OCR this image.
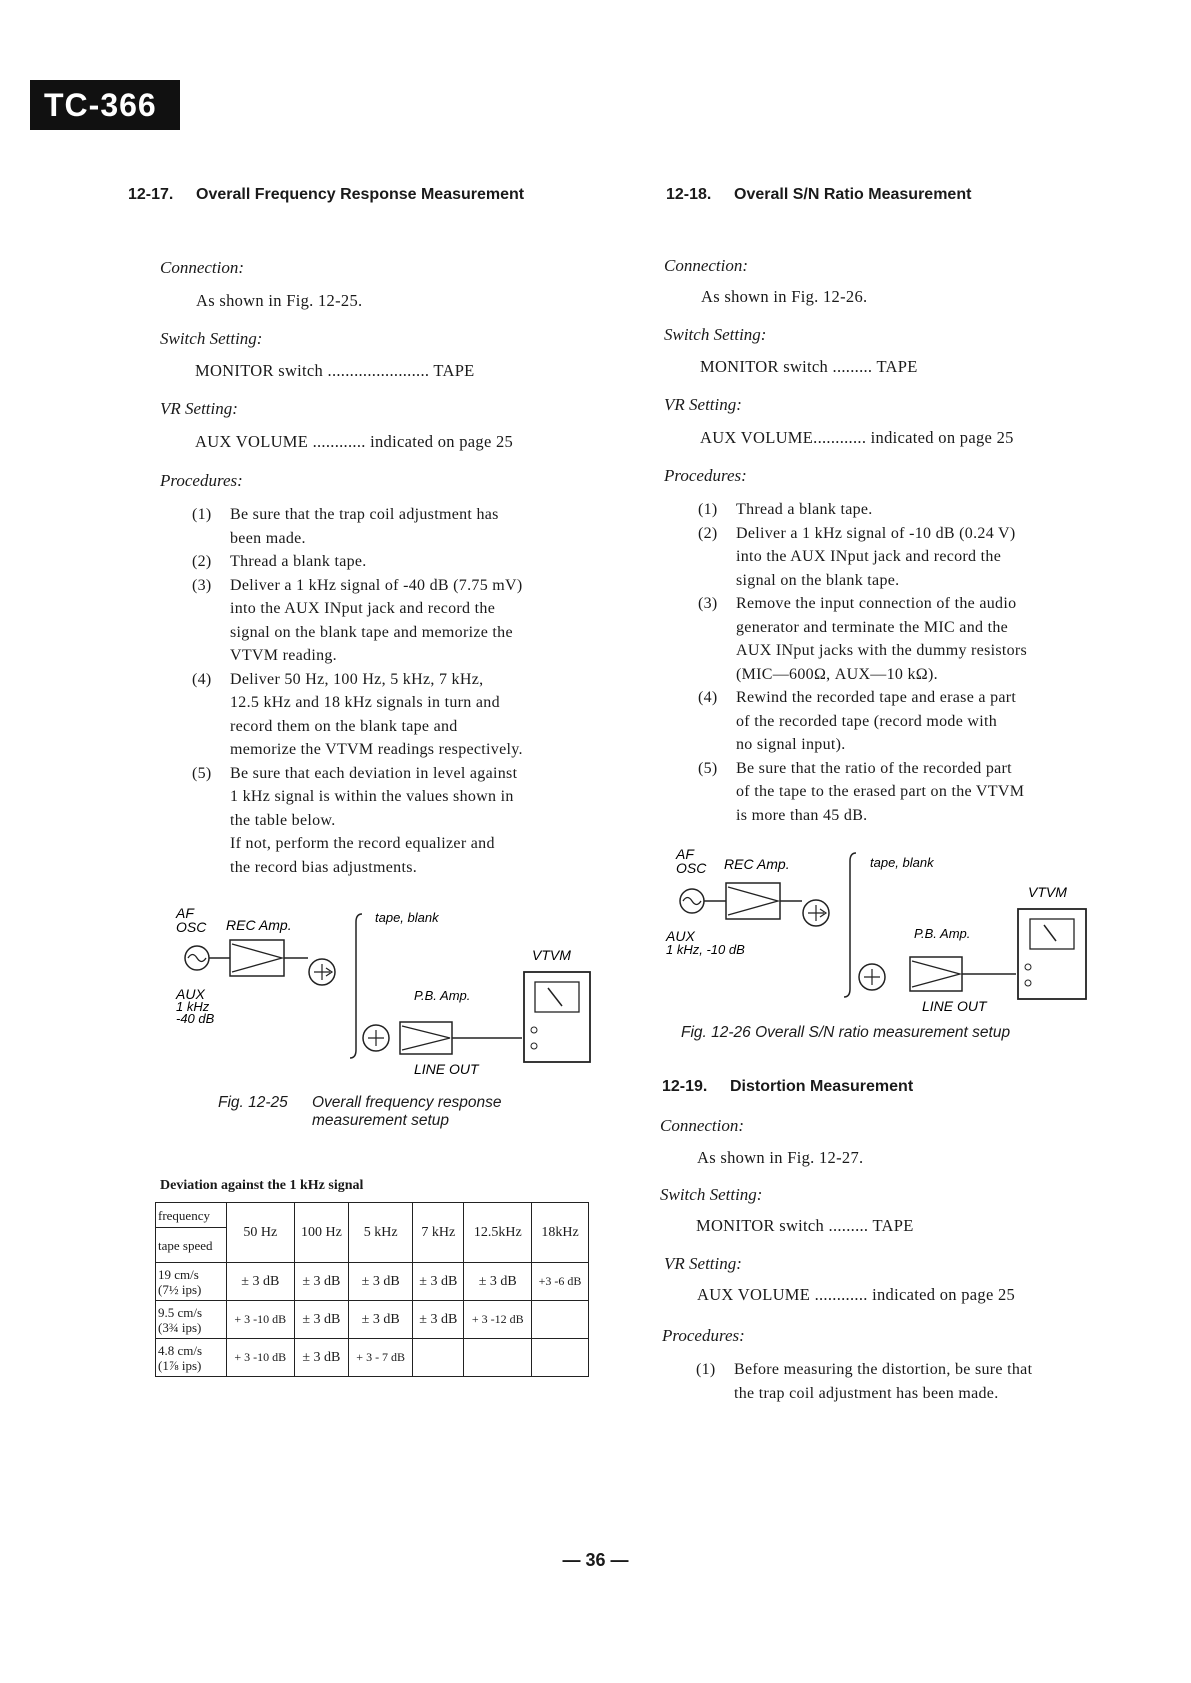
TC-366
12-17. Overall Frequency Response Measurement
Connection:
As shown in Fig. 12-25.
Switch Setting:
MONITOR switch ....................... TAPE
VR Setting:
AUX VOLUME ............ indicated on page 25
Procedures:
(1) Be sure that the trap coil adjustment has
been made.
(2) Thread a blank tape.
(3) Deliver a 1 kHz signal of -40 dB (7.75 mV)
into the AUX INput jack and record the
signal on the blank tape and memorize the
VTVM reading.
(4) Deliver 50 Hz, 100 Hz, 5 kHz, 7 kHz,
12.5 kHz and 18 kHz signals in turn and
record them on the blank tape and
memorize the VTVM readings respectively.
(5) Be sure that each deviation in level against
1 kHz signal is within the values shown in
the table below.
If not, perform the record equalizer and
the record bias adjustments.
AF
OSC REC Amp.	tape, blank
VTVM
AUX
1 kHz
-40 dB
P.B. Amp.
LINE OUT
Fig. 12-25 Overall frequency response
measurement setup
Deviation against the 1 kHz signal
frequency	50 Hz	100 Hz	5 kHz	7 kHz	12.5kHz	18kHz
tape speed						
19 cm/s
(7½ ips)	± 3 dB	± 3 dB	± 3 dB	± 3 dB	± 3 dB	+3 -6 dB
9.5 cm/s
(3¾ ips)	+ 3 -10 dB	± 3 dB	± 3 dB	± 3 dB	+ 3 -12 dB	
4.8 cm/s
(1⅞ ips)	+ 3 -10 dB	± 3 dB	+ 3 - 7 dB			
12-18. Overall S/N Ratio Measurement
Connection:
As shown in Fig. 12-26.
Switch Setting:
MONITOR switch ......... TAPE
VR Setting:
AUX VOLUME............ indicated on page 25
Procedures:
(1) Thread a blank tape.
(2) Deliver a 1 kHz signal of -10 dB (0.24 V)
into the AUX INput jack and record the
signal on the blank tape.
(3) Remove the input connection of the audio
generator and terminate the MIC and the
AUX INput jacks with the dummy resistors
(MIC—600Ω, AUX—10 kΩ).
(4) Rewind the recorded tape and erase a part
of the recorded tape (record mode with
no signal input).
(5) Be sure that the ratio of the recorded part
of the tape to the erased part on the VTVM
is more than 45 dB.
AF
OSC REC Amp.	tape, blank
VTVM
AUX
1 kHz, -10 dB
P.B. Amp.
LINE OUT
Fig. 12-26 Overall S/N ratio measurement setup
12-19. Distortion Measurement
Connection:
As shown in Fig. 12-27.
Switch Setting:
MONITOR switch ......... TAPE
VR Setting:
AUX VOLUME ............ indicated on page 25
Procedures:
(1) Before measuring the distortion, be sure that
the trap coil adjustment has been made.
— 36 —
